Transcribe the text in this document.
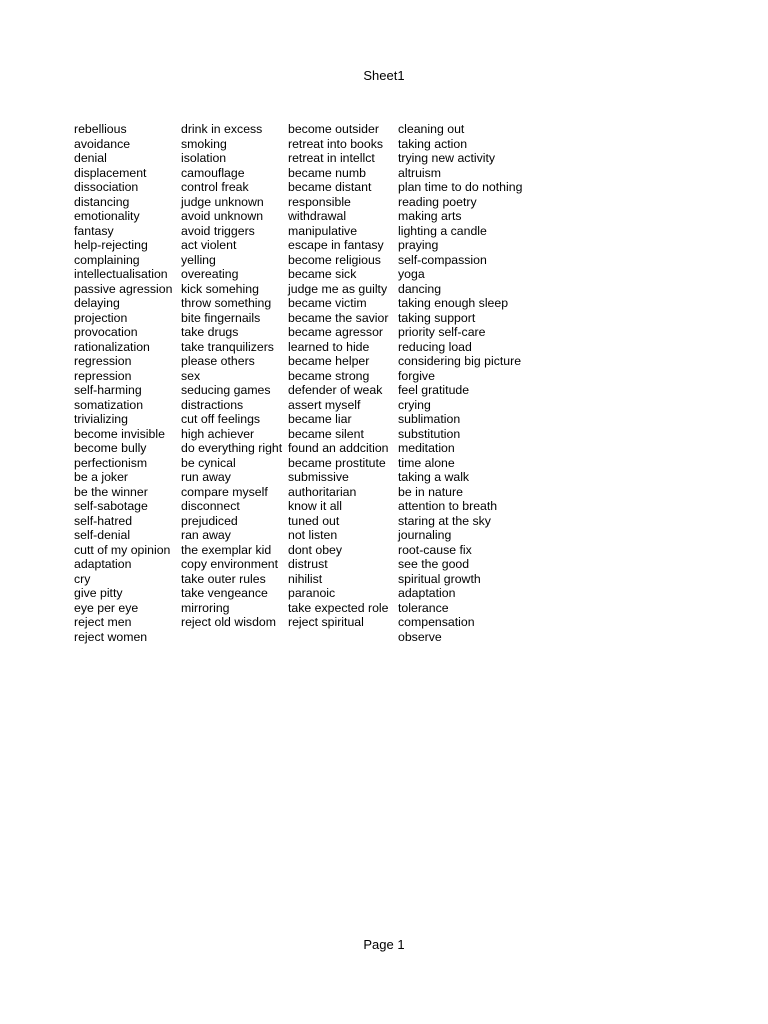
Sheet1
rebellious
avoidance
denial
displacement
dissociation
distancing
emotionality
fantasy
help-rejecting
complaining
intellectualisation
passive agression
delaying
projection
provocation
rationalization
regression
repression
self-harming
somatization
trivializing
become invisible
become bully
perfectionism
be a joker
be the winner
self-sabotage
self-hatred
self-denial
cutt of my opinion
adaptation
cry
give pitty
eye per eye
reject men
reject women
drink in excess
smoking
isolation
camouflage
control freak
judge unknown
avoid unknown
avoid triggers
act violent
yelling
overeating
kick somehing
throw something
bite fingernails
take drugs
take tranquilizers
please others
sex
seducing games
distractions
cut off feelings
high achiever
do everything right
be cynical
run away
compare myself
disconnect
prejudiced
ran away
the exemplar kid
copy environment
take outer rules
take vengeance
mirroring
reject old wisdom
become outsider
retreat into books
retreat in intellct
became numb
became distant
responsible
withdrawal
manipulative
escape in fantasy
become religious
became sick
judge me as guilty
became victim
became the savior
became agressor
learned to hide
became helper
became strong
defender of weak
assert myself
became liar
became silent
found an addcition
became prostitute
submissive
authoritarian
know it all
tuned out
not listen
dont obey
distrust
nihilist
paranoic
take expected role
reject spiritual
cleaning out
taking action
trying new activity
altruism
plan time to do nothing
reading poetry
making arts
lighting a candle
praying
self-compassion
yoga
dancing
taking enough sleep
taking support
priority self-care
reducing load
considering big picture
forgive
feel gratitude
crying
sublimation
substitution
meditation
time alone
taking a walk
be in nature
attention to breath
staring at the sky
journaling
root-cause fix
see the good
spiritual growth
adaptation
tolerance
compensation
observe
Page 1
